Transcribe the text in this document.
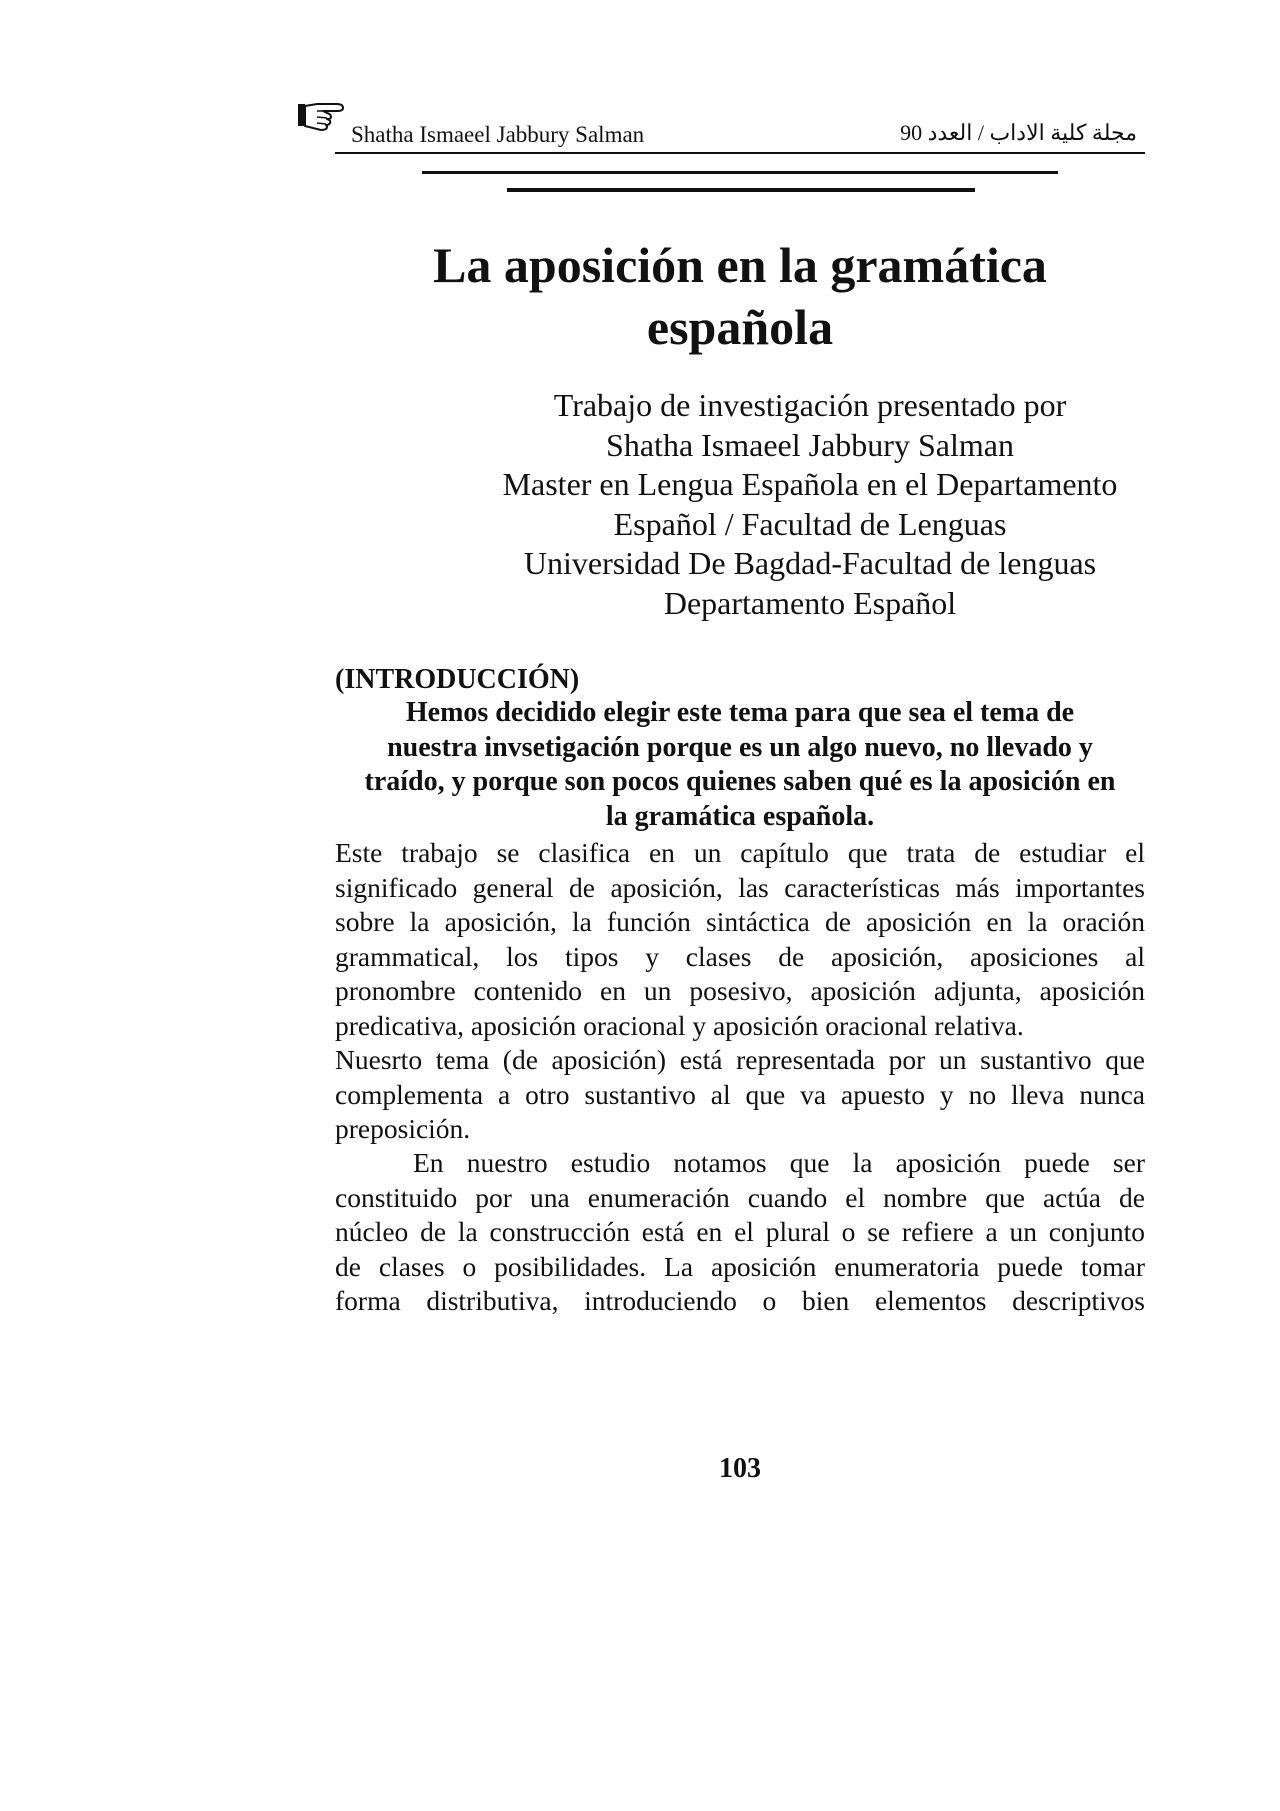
Shatha Ismaeel Jabbury Salman	مجلة كلية الاداب / العدد 90
La aposición en la gramática
española
Trabajo de investigación presentado por
Shatha Ismaeel Jabbury Salman
Master en Lengua Española en el Departamento
Español / Facultad de Lenguas
Universidad De Bagdad-Facultad de lenguas
Departamento Español
(INTRODUCCIÓN)
Hemos decidido elegir este tema para que sea el tema de
nuestra invsetigación porque es un algo nuevo, no llevado y
traído, y porque son pocos quienes saben qué es la aposición en
la gramática española.
Este trabajo se clasifica en un capítulo que trata de estudiar el
significado general de aposición, las características más importantes
sobre la aposición, la función sintáctica de aposición en la oración
grammatical, los tipos y clases de aposición, aposiciones al
pronombre contenido en un posesivo, aposición adjunta, aposición
predicativa, aposición oracional y aposición oracional relativa.
Nuesrto tema (de aposición) está representada por un sustantivo que
complementa a otro sustantivo al que va apuesto y no lleva nunca
preposición.
En nuestro estudio notamos que la aposición puede ser
constituido por una enumeración cuando el nombre que actúa de
núcleo de la construcción está en el plural o se refiere a un conjunto
de clases o posibilidades. La aposición enumeratoria puede tomar
forma distributiva, introduciendo o bien elementos descriptivos
103
